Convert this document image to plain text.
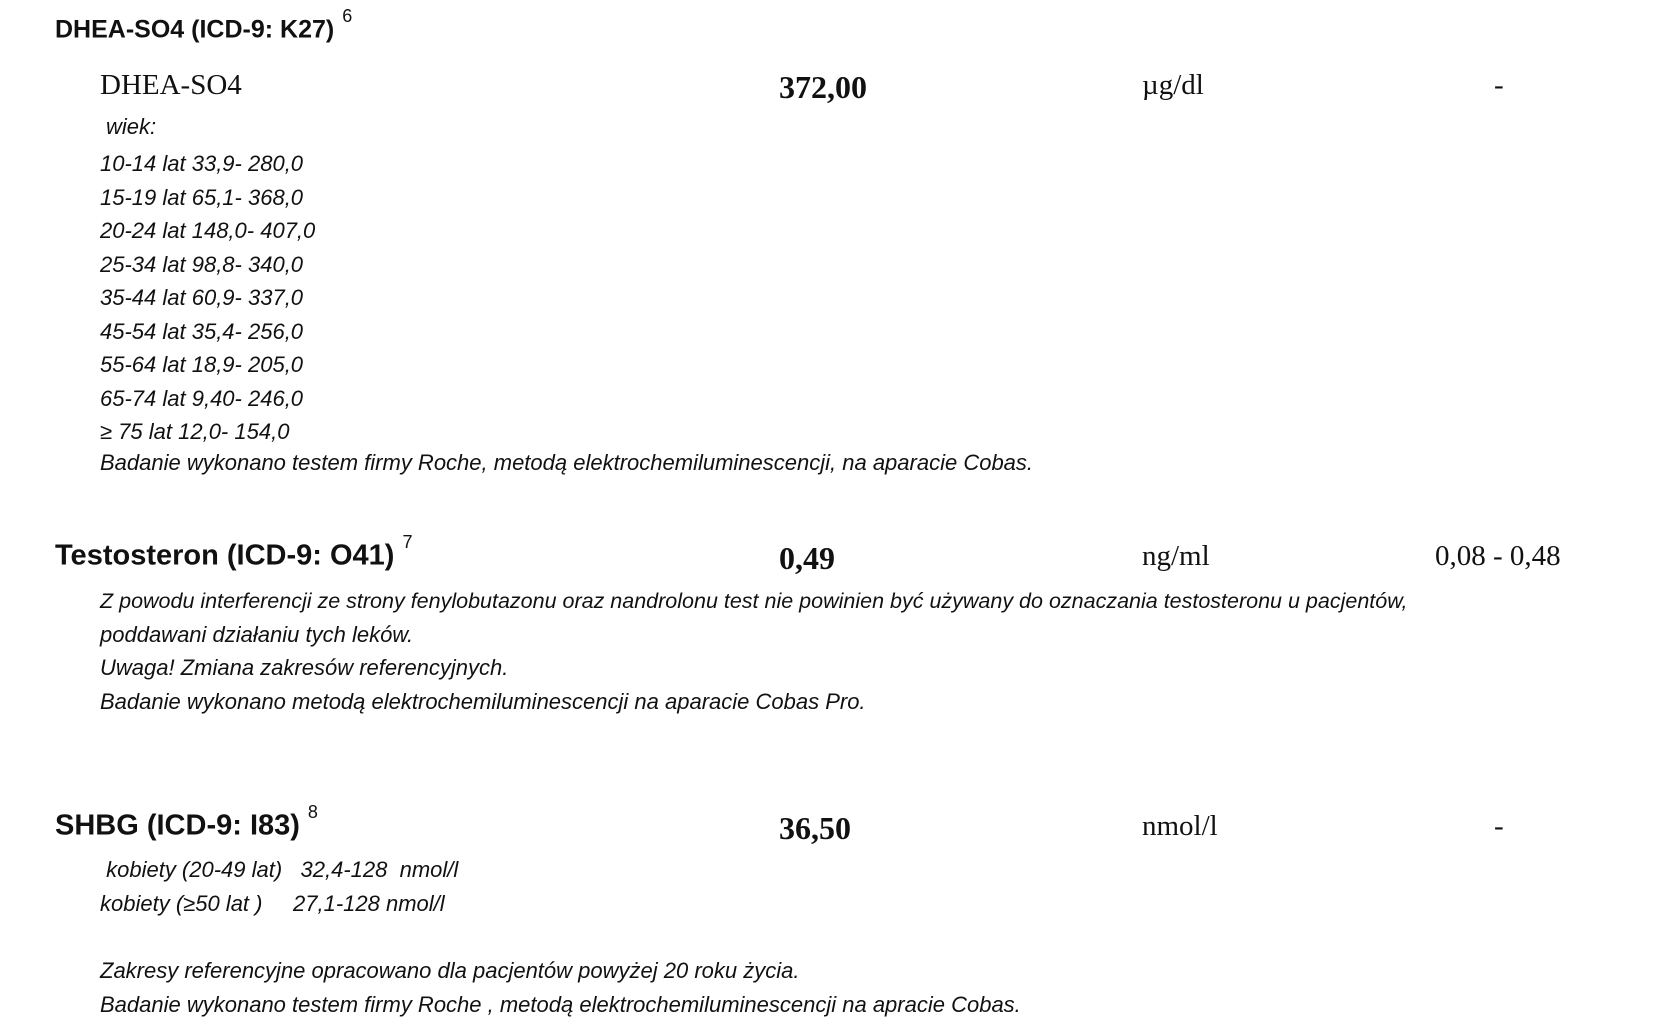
DHEA-SO4 (ICD-9: K27) $^6$
DHEA-SO4	372,00	µg/dl	-
wiek:
10-14 lat 33,9- 280,0
15-19 lat 65,1- 368,0
20-24 lat 148,0- 407,0
25-34 lat 98,8- 340,0
35-44 lat 60,9- 337,0
45-54 lat 35,4- 256,0
55-64 lat 18,9- 205,0
65-74 lat 9,40- 246,0
≥ 75 lat 12,0- 154,0
Badanie wykonano testem firmy Roche, metodą elektrochemiluminescencji, na aparacie Cobas.
Testosteron (ICD-9: O41) $^7$	0,49	ng/ml	0,08 - 0,48
Z powodu interferencji ze strony fenylobutazonu oraz nandrolonu test nie powinien być używany do oznaczania testosteronu u pacjentów,
poddawani działaniu tych leków.
Uwaga! Zmiana zakresów referencyjnych.
Badanie wykonano metodą elektrochemiluminescencji na aparacie Cobas Pro.
SHBG (ICD-9: I83) $^8$	36,50	nmol/l	-
kobiety (20-49 lat)   32,4-128  nmol/l
kobiety (≥50 lat )     27,1-128 nmol/l
Zakresy referencyjne opracowano dla pacjentów powyżej 20 roku życia.
Badanie wykonano testem firmy Roche , metodą elektrochemiluminescencji na apracie Cobas.
